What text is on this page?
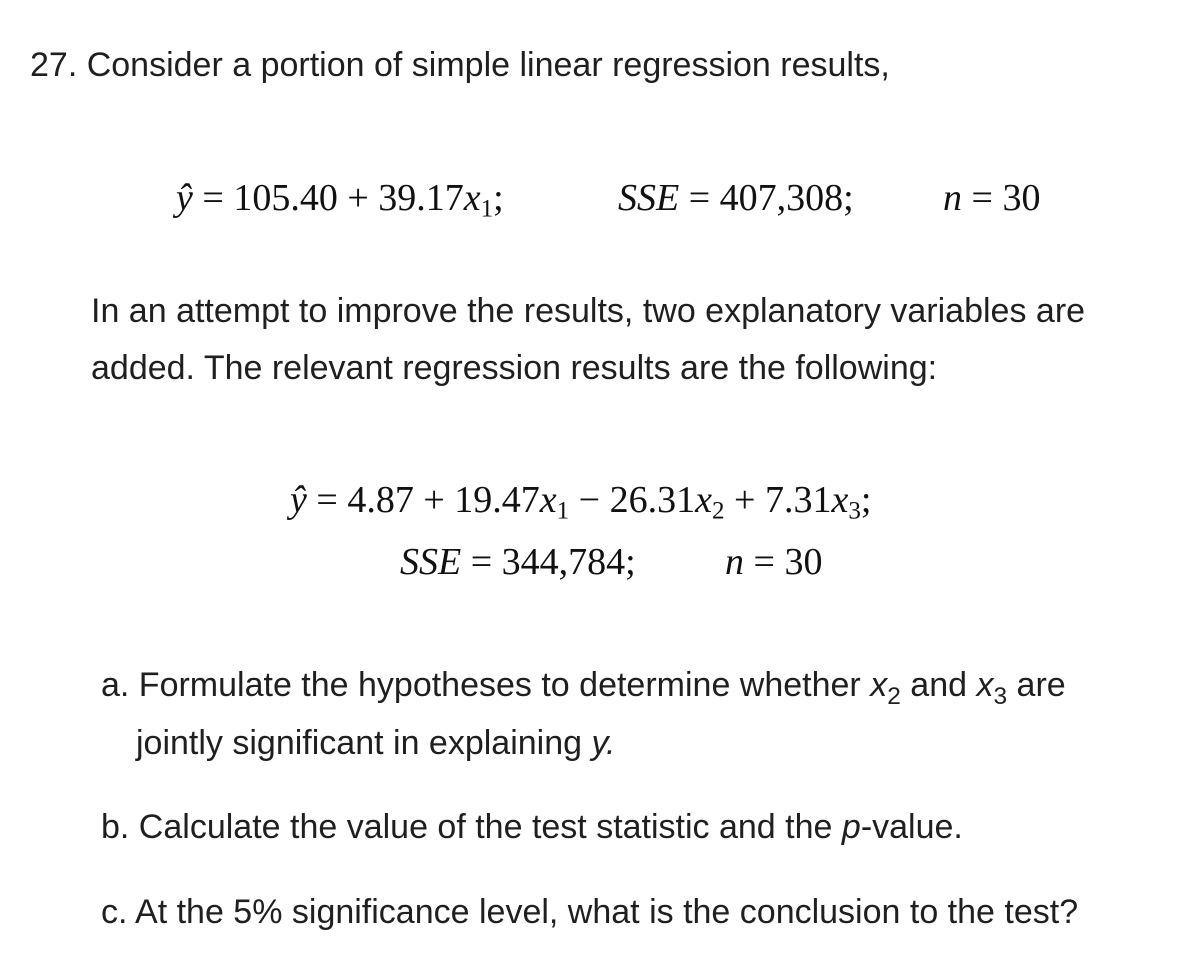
27. Consider a portion of simple linear regression results,
ŷ = $105.40 + 39.17x_1$;	SSE = 407,308; n = 30
In an attempt to improve the results, two explanatory variables are
added. The relevant regression results are the following:
ŷ = $4.87 + 19.47x_1 - 26.31x_2 + 7.31x_3$;
SSE = 344,784; n = 30
a. Formulate the hypotheses to determine whether $x_2$ and $x_3$ are
jointly significant in explaining y.
b. Calculate the value of the test statistic and the p-value.
c. At the 5% significance level, what is the conclusion to the test?
